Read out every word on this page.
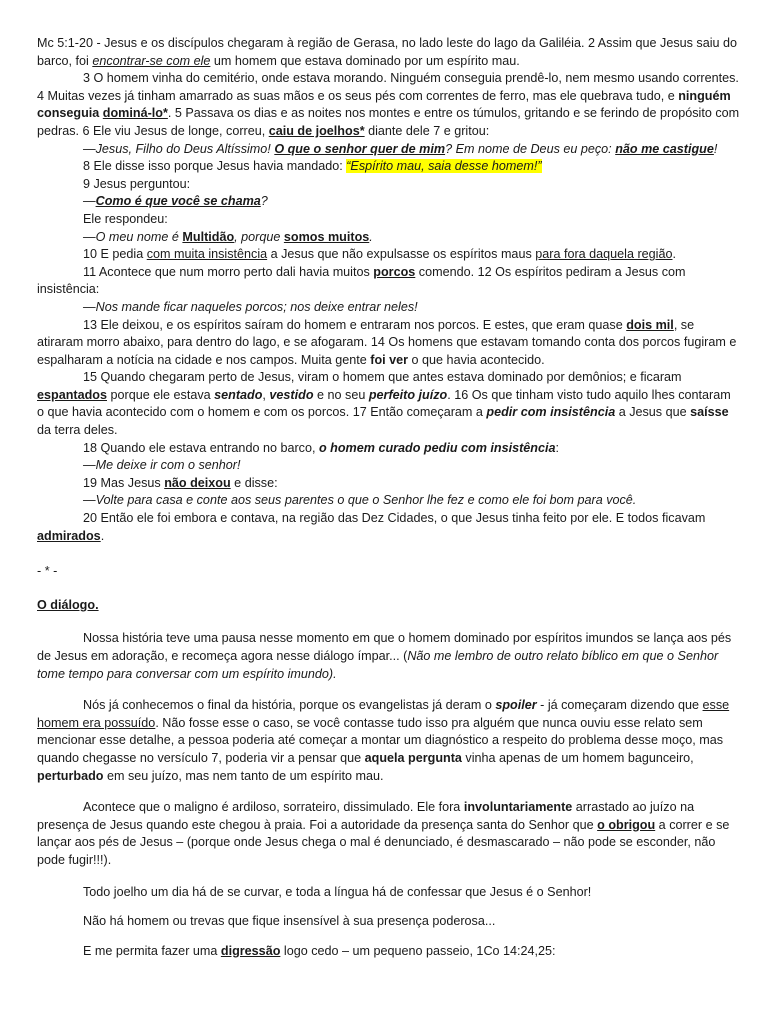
Mc 5:1-20 - Jesus e os discípulos chegaram à região de Gerasa, no lado leste do lago da Galiléia. 2 Assim que Jesus saiu do barco, foi encontrar-se com ele um homem que estava dominado por um espírito mau.

3 O homem vinha do cemitério, onde estava morando. Ninguém conseguia prendê-lo, nem mesmo usando correntes. 4 Muitas vezes já tinham amarrado as suas mãos e os seus pés com correntes de ferro, mas ele quebrava tudo, e ninguém conseguia dominá-lo*. 5 Passava os dias e as noites nos montes e entre os túmulos, gritando e se ferindo de propósito com pedras. 6 Ele viu Jesus de longe, correu, caiu de joelhos* diante dele 7 e gritou:

—Jesus, Filho do Deus Altíssimo! O que o senhor quer de mim? Em nome de Deus eu peço: não me castigue!

8 Ele disse isso porque Jesus havia mandado: “Espírito mau, saia desse homem!”

9 Jesus perguntou:

—Como é que você se chama?

Ele respondeu:

—O meu nome é Multidão, porque somos muitos.

10 E pedia com muita insistência a Jesus que não expulsasse os espíritos maus para fora daquela região.

11 Acontece que num morro perto dali havia muitos porcos comendo. 12 Os espíritos pediram a Jesus com insistência:

—Nos mande ficar naqueles porcos; nos deixe entrar neles!

13 Ele deixou, e os espíritos saíram do homem e entraram nos porcos. E estes, que eram quase dois mil, se atiraram morro abaixo, para dentro do lago, e se afogaram. 14 Os homens que estavam tomando conta dos porcos fugiram e espalharam a notícia na cidade e nos campos. Muita gente foi ver o que havia acontecido.

15 Quando chegaram perto de Jesus, viram o homem que antes estava dominado por demônios; e ficaram espantados porque ele estava sentado, vestido e no seu perfeito juízo. 16 Os que tinham visto tudo aquilo lhes contaram o que havia acontecido com o homem e com os porcos. 17 Então começaram a pedir com insistência a Jesus que saísse da terra deles.

18 Quando ele estava entrando no barco, o homem curado pediu com insistência:

—Me deixe ir com o senhor!

19 Mas Jesus não deixou e disse:

—Volte para casa e conte aos seus parentes o que o Senhor lhe fez e como ele foi bom para você.

20 Então ele foi embora e contava, na região das Dez Cidades, o que Jesus tinha feito por ele. E todos ficavam admirados.

- * -

O diálogo.

Nossa história teve uma pausa nesse momento em que o homem dominado por espíritos imundos se lança aos pés de Jesus em adoração, e recomeça agora nesse diálogo ímpar... (Não me lembro de outro relato bíblico em que o Senhor tome tempo para conversar com um espírito imundo).

Nós já conhecemos o final da história, porque os evangelistas já deram o spoiler - já começaram dizendo que esse homem era possuído. Não fosse esse o caso, se você contasse tudo isso pra alguém que nunca ouviu esse relato sem mencionar esse detalhe, a pessoa poderia até começar a montar um diagnóstico a respeito do problema desse moço, mas quando chegasse no versículo 7, poderia vir a pensar que aquela pergunta vinha apenas de um homem bagunceiro, perturbado em seu juízo, mas nem tanto de um espírito mau.

Acontece que o maligno é ardiloso, sorrateiro, dissimulado. Ele fora involuntariamente arrastado ao juízo na presença de Jesus quando este chegou à praia. Foi a autoridade da presença santa do Senhor que o obrigou a correr e se lançar aos pés de Jesus – (porque onde Jesus chega o mal é denunciado, é desmascarado – não pode se esconder, não pode fugir!!!).

Todo joelho um dia há de se curvar, e toda a língua há de confessar que Jesus é o Senhor!

Não há homem ou trevas que fique insensível à sua presença poderosa...

E me permita fazer uma digressão logo cedo – um pequeno passeio, 1Co 14:24,25:
